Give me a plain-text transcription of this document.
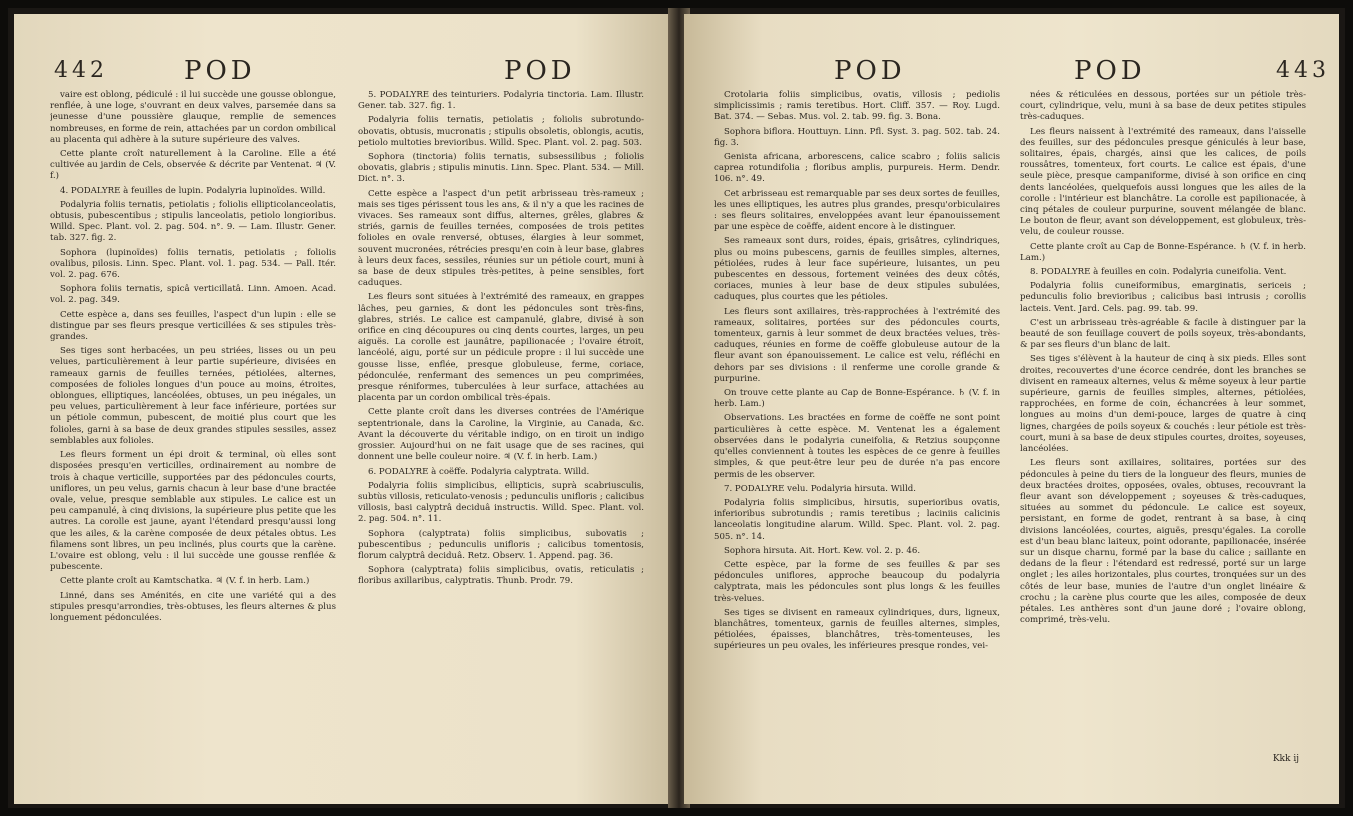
442	POD	POD

vaire est oblong, pédiculé : il lui succède une gousse oblongue, renflée, à une loge, s'ouvrant en deux valves, parsemée dans sa jeunesse d'une poussière glauque, remplie de semences nombreuses, en forme de rein, attachées par un cordon ombilical au placenta qui adhère à la suture supérieure des valves.

Cette plante croît naturellement à la Caroline. Elle a été cultivée au jardin de Cels, observée & décrite par Ventenat. ♃ (V. f.)

4. PODALYRE à feuilles de lupin. Podalyria lupinoïdes. Willd.

Podalyria foliis ternatis, petiolatis ; foliolis ellipticolanceolatis, obtusis, pubescentibus ; stipulis lanceolatis, petiolo longioribus. Willd. Spec. Plant. vol. 2. pag. 504. n°. 9. — Lam. Illustr. Gener. tab. 327. fig. 2.

Sophora (lupinoïdes) foliis ternatis, petiolatis ; foliolis ovalibus, pilosis. Linn. Spec. Plant. vol. 1. pag. 534. — Pall. Itér. vol. 2. pag. 676.

Sophora foliis ternatis, spicâ verticillatâ. Linn. Amoen. Acad. vol. 2. pag. 349.

Cette espèce a, dans ses feuilles, l'aspect d'un lupin : elle se distingue par ses fleurs presque verticillées & ses stipules très-grandes.

Ses tiges sont herbacées, un peu striées, lisses ou un peu velues, particulièrement à leur partie supérieure, divisées en rameaux garnis de feuilles ternées, pétiolées, alternes, composées de folioles longues d'un pouce au moins, étroites, oblongues, elliptiques, lancéolées, obtuses, un peu inégales, un peu velues, particulièrement à leur face inférieure, portées sur un pétiole commun, pubescent, de moitié plus court que les folioles, garni à sa base de deux grandes stipules sessiles, assez semblables aux folioles.

Les fleurs forment un épi droit & terminal, où elles sont disposées presqu'en verticilles, ordinairement au nombre de trois à chaque verticille, supportées par des pédoncules courts, uniflores, un peu velus, garnis chacun à leur base d'une bractée ovale, velue, presque semblable aux stipules. Le calice est un peu campanulé, à cinq divisions, la supérieure plus petite que les autres. La corolle est jaune, ayant l'étendard presqu'aussi long que les ailes, & la carène composée de deux pétales obtus. Les filamens sont libres, un peu inclinés, plus courts que la carène. L'ovaire est oblong, velu : il lui succède une gousse renflée & pubescente.

Cette plante croît au Kamtschatka. ♃ (V. f. in herb. Lam.)

Linné, dans ses Aménités, en cite une variété qui a des stipules presqu'arrondies, très-obtuses, les fleurs alternes & plus longuement pédonculées.

5. PODALYRE des teinturiers. Podalyria tinctoria. Lam. Illustr. Gener. tab. 327. fig. 1.

Podalyria foliis ternatis, petiolatis ; foliolis subrotundo-obovatis, obtusis, mucronatis ; stipulis obsoletis, oblongis, acutis, petiolo multoties brevioribus. Willd. Spec. Plant. vol. 2. pag. 503.

Sophora (tinctoria) foliis ternatis, subsessilibus ; foliolis obovatis, glabris ; stipulis minutis. Linn. Spec. Plant. 534. — Mill. Dict. n°. 3.

Cette espèce a l'aspect d'un petit arbrisseau très-rameux ; mais ses tiges périssent tous les ans, & il n'y a que les racines de vivaces. Ses rameaux sont diffus, alternes, grêles, glabres & striés, garnis de feuilles ternées, composées de trois petites folioles en ovale renversé, obtuses, élargies à leur sommet, souvent mucronées, rétrécies presqu'en coin à leur base, glabres à leurs deux faces, sessiles, réunies sur un pétiole court, muni à sa base de deux stipules très-petites, à peine sensibles, fort caduques.

Les fleurs sont situées à l'extrémité des rameaux, en grappes lâches, peu garnies, & dont les pédoncules sont très-fins, glabres, striés. Le calice est campanulé, glabre, divisé à son orifice en cinq découpures ou cinq dents courtes, larges, un peu aiguës. La corolle est jaunâtre, papilionacée ; l'ovaire étroit, lancéolé, aigu, porté sur un pédicule propre : il lui succède une gousse lisse, enflée, presque globuleuse, ferme, coriace, pédonculée, renfermant des semences un peu comprimées, presque réniformes, tuberculées à leur surface, attachées au placenta par un cordon ombilical très-épais.

Cette plante croît dans les diverses contrées de l'Amérique septentrionale, dans la Caroline, la Virginie, au Canada, &c. Avant la découverte du véritable indigo, on en tiroit un indigo grossier. Aujourd'hui on ne fait usage que de ses racines, qui donnent une belle couleur noire. ♃ (V. f. in herb. Lam.)

6. PODALYRE à coëffe. Podalyria calyptrata. Willd.

Podalyria foliis simplicibus, ellipticis, suprà scabriusculis, subtùs villosis, reticulato-venosis ; pedunculis unifloris ; calicibus villosis, basi calyptrâ deciduâ instructis. Willd. Spec. Plant. vol. 2. pag. 504. n°. 11.

Sophora (calyptrata) foliis simplicibus, subovatis ; pubescentibus ; pedunculis unifloris ; calicibus tomentosis, florum calyptrâ deciduâ. Retz. Observ. 1. Append. pag. 36.

Sophora (calyptrata) foliis simplicibus, ovatis, reticulatis ; floribus axillaribus, calyptratis. Thunb. Prodr. 79.

POD	POD	443

Crotolaria foliis simplicibus, ovatis, villosis ; pediolis simplicissimis ; ramis teretibus. Hort. Cliff. 357. — Roy. Lugd. Bat. 374. — Sebas. Mus. vol. 2. tab. 99. fig. 3. Bona.

Sophora biflora. Houttuyn. Linn. Pfl. Syst. 3. pag. 502. tab. 24. fig. 3.

Genista africana, arborescens, calice scabro ; foliis salicis caprea rotundifolia ; floribus amplis, purpureis. Herm. Dendr. 106. n°. 49.

Cet arbrisseau est remarquable par ses deux sortes de feuilles, les unes elliptiques, les autres plus grandes, presqu'orbiculaires : ses fleurs solitaires, enveloppées avant leur épanouissement par une espèce de coëffe, aident encore à le distinguer.

Ses rameaux sont durs, roides, épais, grisâtres, cylindriques, plus ou moins pubescens, garnis de feuilles simples, alternes, pétiolées, rudes à leur face supérieure, luisantes, un peu pubescentes en dessous, fortement veinées des deux côtés, coriaces, munies à leur base de deux stipules subulées, caduques, plus courtes que les pétioles.

Les fleurs sont axillaires, très-rapprochées à l'extrémité des rameaux, solitaires, portées sur des pédoncules courts, tomenteux, garnis à leur sommet de deux bractées velues, très-caduques, réunies en forme de coëffe globuleuse autour de la fleur avant son épanouissement. Le calice est velu, réfléchi en dehors par ses divisions : il renferme une corolle grande & purpurine.

On trouve cette plante au Cap de Bonne-Espérance. ♄ (V. f. in herb. Lam.)

Observations. Les bractées en forme de coëffe ne sont point particulières à cette espèce. M. Ventenat les a également observées dans le podalyria cuneifolia, & Retzius soupçonne qu'elles conviennent à toutes les espèces de ce genre à feuilles simples, & que peut-être leur peu de durée n'a pas encore permis de les observer.

7. PODALYRE velu. Podalyria hirsuta. Willd.

Podalyria foliis simplicibus, hirsutis, superioribus ovatis, inferioribus subrotundis ; ramis teretibus ; laciniis calicinis lanceolatis longitudine alarum. Willd. Spec. Plant. vol. 2. pag. 505. n°. 14.

Sophora hirsuta. Ait. Hort. Kew. vol. 2. p. 46.

Cette espèce, par la forme de ses feuilles & par ses pédoncules uniflores, approche beaucoup du podalyria calyptrata, mais les pédoncules sont plus longs & les feuilles très-velues.

Ses tiges se divisent en rameaux cylindriques, durs, ligneux, blanchâtres, tomenteux, garnis de feuilles alternes, simples, pétiolées, épaisses, blanchâtres, très-tomenteuses, les supérieures un peu ovales, les inférieures presque rondes, vei-

nées & réticulées en dessous, portées sur un pétiole très-court, cylindrique, velu, muni à sa base de deux petites stipules très-caduques.

Les fleurs naissent à l'extrémité des rameaux, dans l'aisselle des feuilles, sur des pédoncules presque géniculés à leur base, solitaires, épais, chargés, ainsi que les calices, de poils roussâtres, tomenteux, fort courts. Le calice est épais, d'une seule pièce, presque campaniforme, divisé à son orifice en cinq dents lancéolées, quelquefois aussi longues que les ailes de la corolle : l'intérieur est blanchâtre. La corolle est papilionacée, à cinq pétales de couleur purpurine, souvent mélangée de blanc. Le bouton de fleur, avant son développement, est globuleux, très-velu, de couleur rousse.

Cette plante croît au Cap de Bonne-Espérance. ♄ (V. f. in herb. Lam.)

8. PODALYRE à feuilles en coin. Podalyria cuneifolia. Vent.

Podalyria foliis cuneiformibus, emarginatis, sericeis ; pedunculis folio brevioribus ; calicibus basi intrusis ; corollis lacteis. Vent. Jard. Cels. pag. 99. tab. 99.

C'est un arbrisseau très-agréable & facile à distinguer par la beauté de son feuillage couvert de poils soyeux, très-abondants, & par ses fleurs d'un blanc de lait.

Ses tiges s'élèvent à la hauteur de cinq à six pieds. Elles sont droites, recouvertes d'une écorce cendrée, dont les branches se divisent en rameaux alternes, velus & même soyeux à leur partie supérieure, garnis de feuilles simples, alternes, pétiolées, rapprochées, en forme de coin, échancrées à leur sommet, longues au moins d'un demi-pouce, larges de quatre à cinq lignes, chargées de poils soyeux & couchés : leur pétiole est très-court, muni à sa base de deux stipules courtes, droites, soyeuses, lancéolées.

Les fleurs sont axillaires, solitaires, portées sur des pédoncules à peine du tiers de la longueur des fleurs, munies de deux bractées droites, opposées, ovales, obtuses, recouvrant la fleur avant son développement ; soyeuses & très-caduques, situées au sommet du pédoncule. Le calice est soyeux, persistant, en forme de godet, rentrant à sa base, à cinq divisions lancéolées, courtes, aiguës, presqu'égales. La corolle est d'un beau blanc laiteux, point odorante, papilionacée, insérée sur un disque charnu, formé par la base du calice ; saillante en dedans de la fleur : l'étendard est redressé, porté sur un large onglet ; les ailes horizontales, plus courtes, tronquées sur un des côtés de leur base, munies de l'autre d'un onglet linéaire & crochu ; la carène plus courte que les ailes, composée de deux pétales. Les anthères sont d'un jaune doré ; l'ovaire oblong, comprimé, très-velu.

Kkk ij
